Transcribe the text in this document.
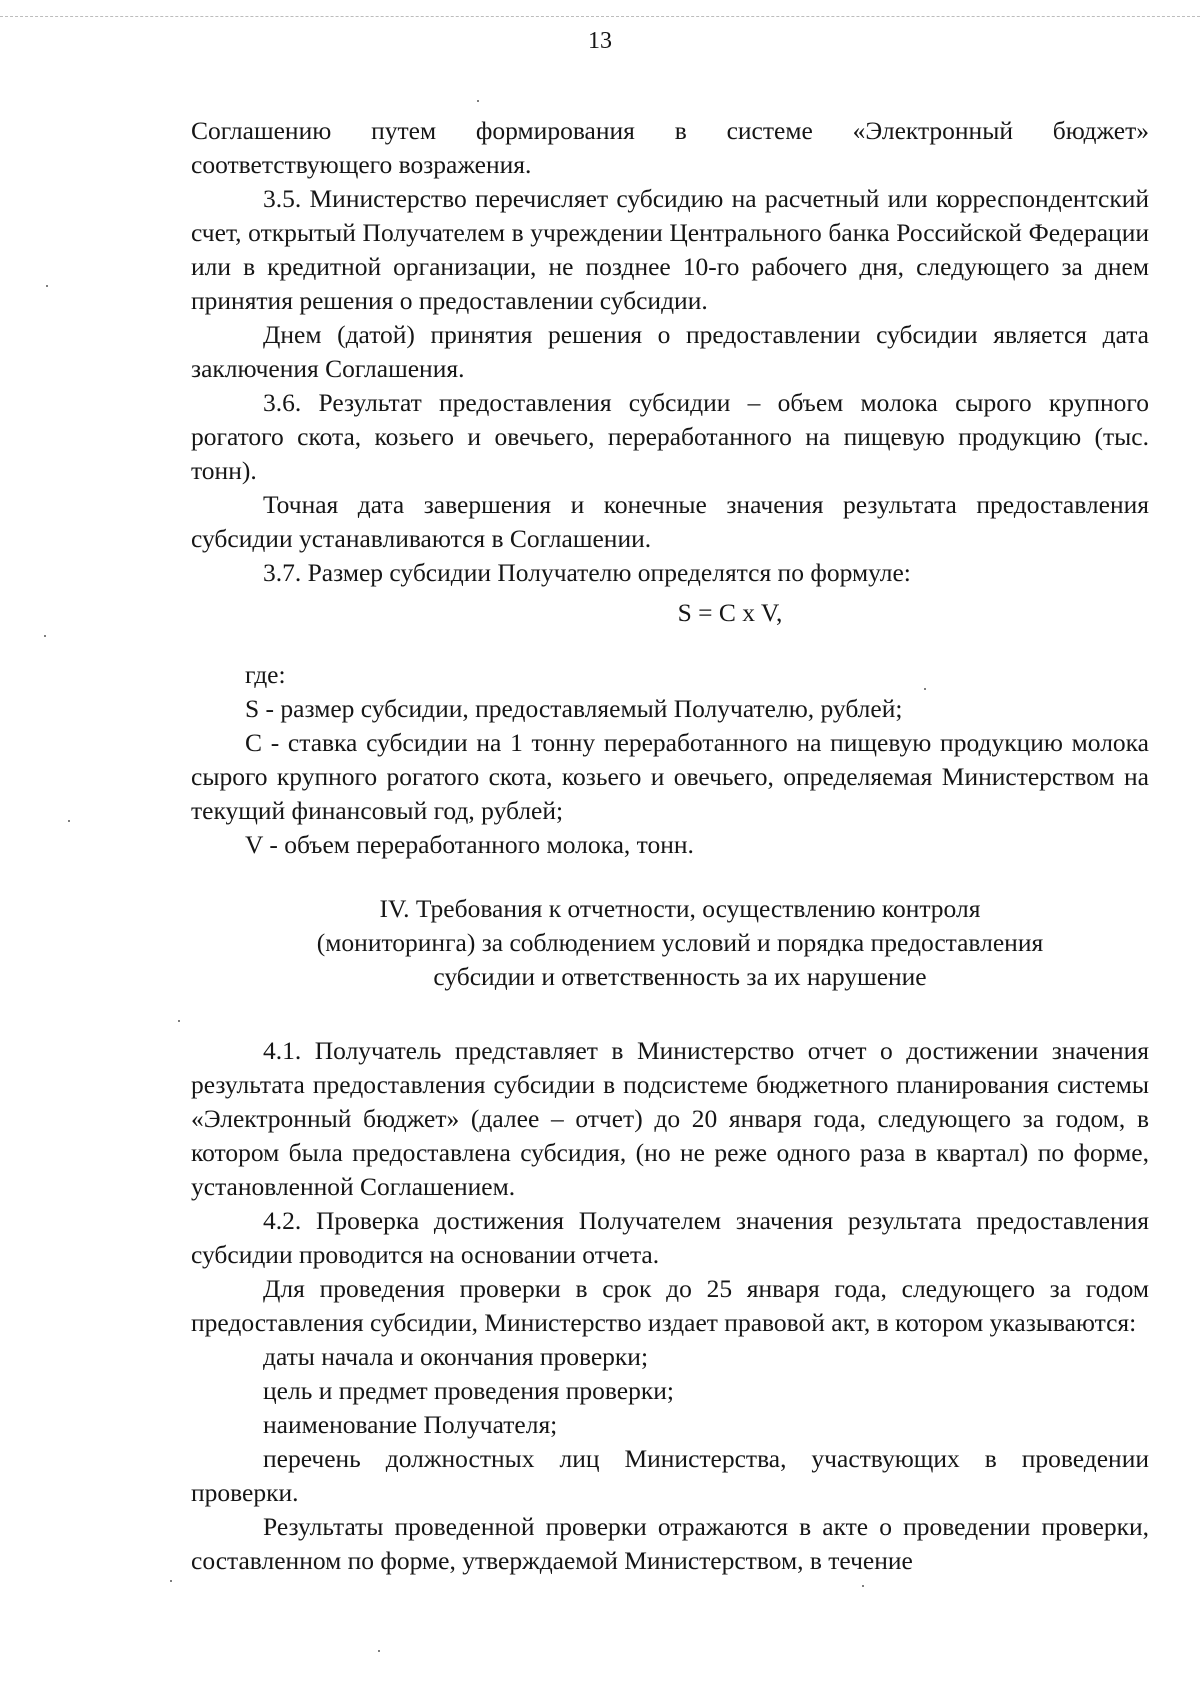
13

Соглашению путем формирования в системе «Электронный бюджет» соответствующего возражения.

3.5. Министерство перечисляет субсидию на расчетный или корреспондентский счет, открытый Получателем в учреждении Центрального банка Российской Федерации или в кредитной организации, не позднее 10-го рабочего дня, следующего за днем принятия решения о предоставлении субсидии.

Днем (датой) принятия решения о предоставлении субсидии является дата заключения Соглашения.

3.6. Результат предоставления субсидии – объем молока сырого крупного рогатого скота, козьего и овечьего, переработанного на пищевую продукцию (тыс. тонн).

Точная дата завершения и конечные значения результата предоставления субсидии устанавливаются в Соглашении.

3.7. Размер субсидии Получателю определятся по формуле:

S = C x V,

где:

S - размер субсидии, предоставляемый Получателю, рублей;

C - ставка субсидии на 1 тонну переработанного на пищевую продукцию молока сырого крупного рогатого скота, козьего и овечьего, определяемая Министерством на текущий финансовый год, рублей;

V - объем переработанного молока, тонн.

IV. Требования к отчетности, осуществлению контроля
(мониторинга) за соблюдением условий и порядка предоставления
субсидии и ответственность за их нарушение

4.1. Получатель представляет в Министерство отчет о достижении значения результата предоставления субсидии в подсистеме бюджетного планирования системы «Электронный бюджет» (далее – отчет) до 20 января года, следующего за годом, в котором была предоставлена субсидия, (но не реже одного раза в квартал) по форме, установленной Соглашением.

4.2. Проверка достижения Получателем значения результата предоставления субсидии проводится на основании отчета.

Для проведения проверки в срок до 25 января года, следующего за годом предоставления субсидии, Министерство издает правовой акт, в котором указываются:

даты начала и окончания проверки;

цель и предмет проведения проверки;

наименование Получателя;

перечень должностных лиц Министерства, участвующих в проведении проверки.

Результаты проведенной проверки отражаются в акте о проведении проверки, составленном по форме, утверждаемой Министерством, в течение
